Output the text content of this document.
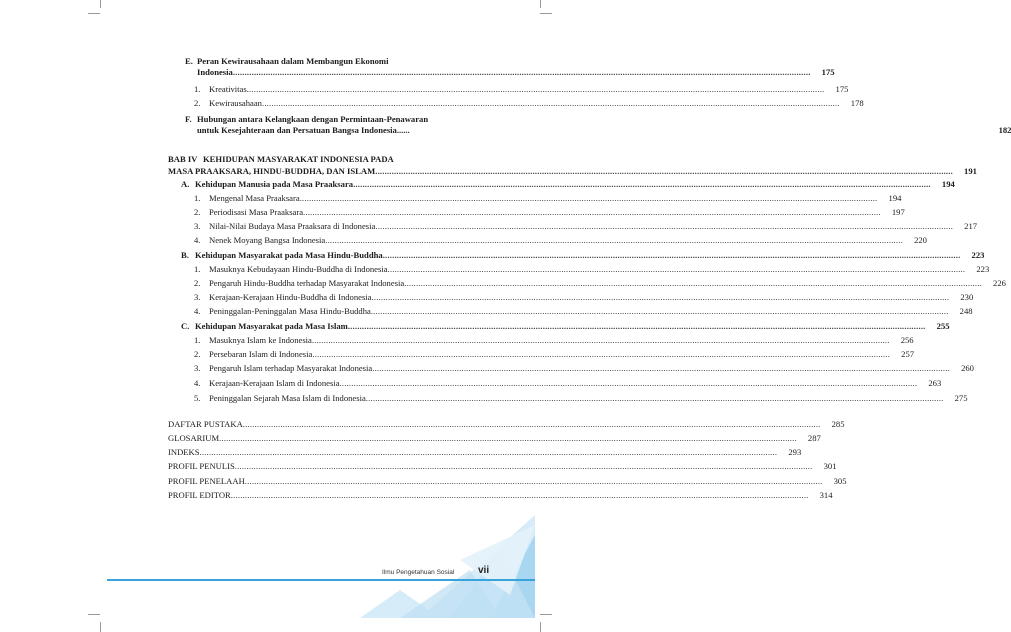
E. Peran Kewirausahaan dalam Membangun Ekonomi
Indonesia .....	175
1. Kreativitas .....	175
2. Kewirausahaan .....	178
F. Hubungan antara Kelangkaan dengan Permintaan-Penawaran
untuk Kesejahteraan dan Persatuan Bangsa Indonesia......	182
BAB IV KEHIDUPAN MASYARAKAT INDONESIA PADA
MASA PRAAKSARA, HINDU-BUDDHA, DAN ISLAM .....	191
A. Kehidupan Manusia pada Masa Praaksara .....	194
1. Mengenal Masa Praaksara .....	194
2. Periodisasi Masa Praaksara .....	197
3. Nilai-Nilai Budaya Masa Praaksara di Indonesia .....	217
4. Nenek Moyang Bangsa Indonesia .....	220
B. Kehidupan Masyarakat pada Masa Hindu-Buddha .....	223
1. Masuknya Kebudayaan Hindu-Buddha di Indonesia .....	223
2. Pengaruh Hindu-Buddha terhadap Masyarakat Indonesia .....	226
3. Kerajaan-Kerajaan Hindu-Buddha di Indonesia .....	230
4. Peninggalan-Peninggalan Masa Hindu-Buddha .....	248
C. Kehidupan Masyarakat pada Masa Islam .....	255
1. Masuknya Islam ke Indonesia .....	256
2. Persebaran Islam di Indonesia .....	257
3. Pengaruh Islam terhadap Masyarakat Indonesia .....	260
4. Kerajaan-Kerajaan Islam di Indonesia .....	263
5. Peninggalan Sejarah Masa Islam di Indonesia .....	275
DAFTAR PUSTAKA .....	285
GLOSARIUM .....	287
INDEKS .....	293
PROFIL PENULIS .....	301
PROFIL PENELAAH .....	305
PROFIL EDITOR .....	314
Ilmu Pengetahuan Sosial vii
